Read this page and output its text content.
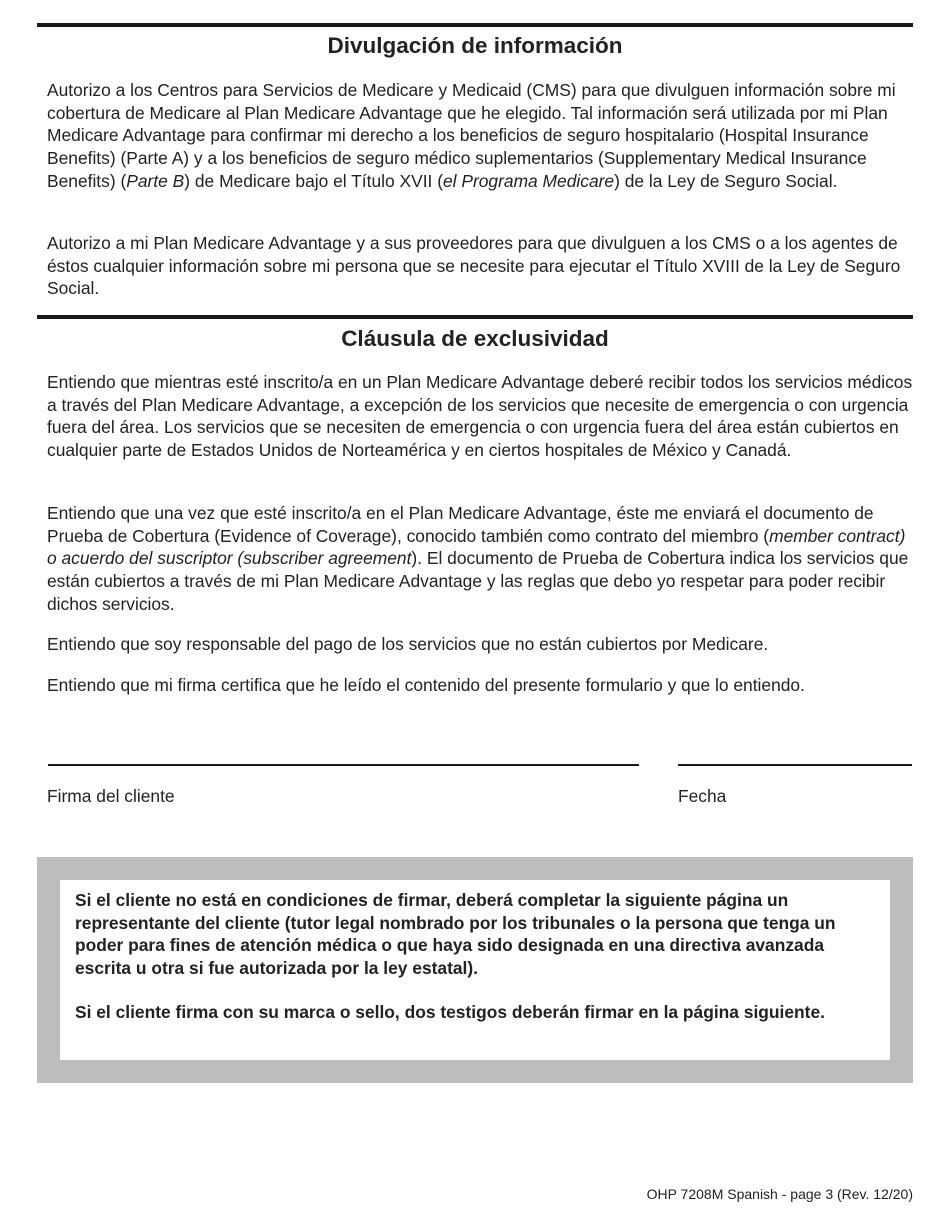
Divulgación de información

Autorizo a los Centros para Servicios de Medicare y Medicaid (CMS) para que divulguen información sobre mi cobertura de Medicare al Plan Medicare Advantage que he elegido. Tal información será utilizada por mi Plan Medicare Advantage para confirmar mi derecho a los beneficios de seguro hospitalario (Hospital Insurance Benefits) (Parte A) y a los beneficios de seguro médico suplementarios (Supplementary Medical Insurance Benefits) (Parte B) de Medicare bajo el Título XVII (el Programa Medicare) de la Ley de Seguro Social.

Autorizo a mi Plan Medicare Advantage y a sus proveedores para que divulguen a los CMS o a los agentes de éstos cualquier información sobre mi persona que se necesite para ejecutar el Título XVIII de la Ley de Seguro Social.

Cláusula de exclusividad

Entiendo que mientras esté inscrito/a en un Plan Medicare Advantage deberé recibir todos los servicios médicos a través del Plan Medicare Advantage, a excepción de los servicios que necesite de emergencia o con urgencia fuera del área. Los servicios que se necesiten de emergencia o con urgencia fuera del área están cubiertos en cualquier parte de Estados Unidos de Norteamérica y en ciertos hospitales de México y Canadá.

Entiendo que una vez que esté inscrito/a en el Plan Medicare Advantage, éste me enviará el documento de Prueba de Cobertura (Evidence of Coverage), conocido también como contrato del miembro (member contract) o acuerdo del suscriptor (subscriber agreement). El documento de Prueba de Cobertura indica los servicios que están cubiertos a través de mi Plan Medicare Advantage y las reglas que debo yo respetar para poder recibir dichos servicios.

Entiendo que soy responsable del pago de los servicios que no están cubiertos por Medicare.

Entiendo que mi firma certifica que he leído el contenido del presente formulario y que lo entiendo.

Firma del cliente	Fecha

Si el cliente no está en condiciones de firmar, deberá completar la siguiente página un representante del cliente (tutor legal nombrado por los tribunales o la persona que tenga un poder para fines de atención médica o que haya sido designada en una directiva avanzada escrita u otra si fue autorizada por la ley estatal).

Si el cliente firma con su marca o sello, dos testigos deberán firmar en la página siguiente.

OHP 7208M Spanish - page 3 (Rev. 12/20)
